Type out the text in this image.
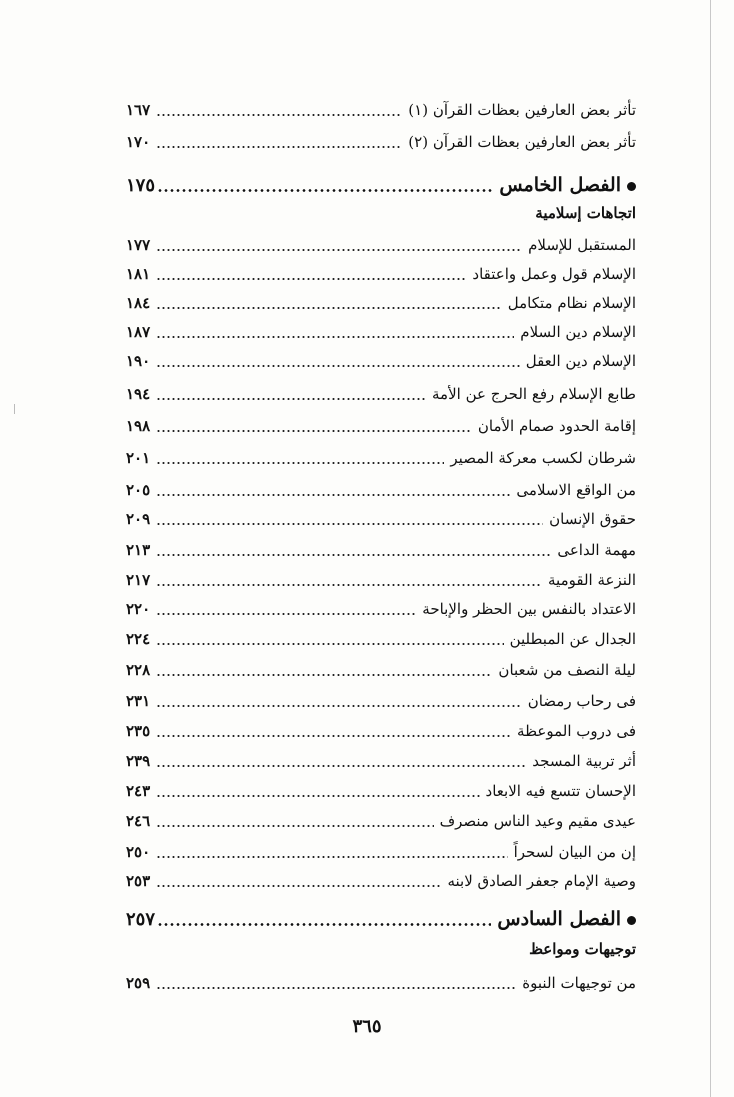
تأثر بعض العارفين بعظات القرآن (١)
١٦٧
تأثر بعض العارفين بعظات القرآن (٢)
١٧٠
الفصل الخامس
١٧٥
اتجاهات إسلامية
المستقبل للإسلام
١٧٧
الإسلام قول وعمل واعتقاد
١٨١
الإسلام نظام متكامل
١٨٤
الإسلام دين السلام
١٨٧
الإسلام دين العقل
١٩٠
طابع الإسلام رفع الحرج عن الأمة
١٩٤
إقامة الحدود صمام الأمان
١٩٨
شرطان لكسب معركة المصير
٢٠١
من الواقع الاسلامى
٢٠٥
حقوق الإنسان
٢٠٩
مهمة الداعى
٢١٣
النزعة القومية
٢١٧
الاعتداد بالنفس بين الحظر والإباحة
٢٢٠
الجدال عن المبطلين
٢٢٤
ليلة النصف من شعبان
٢٢٨
فى رحاب رمضان
٢٣١
فى دروب الموعظة
٢٣٥
أثر تربية المسجد
٢٣٩
الإحسان تتسع فيه الابعاد
٢٤٣
عيدى مقيم وعيد الناس منصرف
٢٤٦
إن من البيان لسحراً
٢٥٠
وصية الإمام جعفر الصادق لابنه
٢٥٣
الفصل السادس
٢٥٧
توجيهات ومواعظ
من توجيهات النبوة
٢٥٩
٣٦٥
